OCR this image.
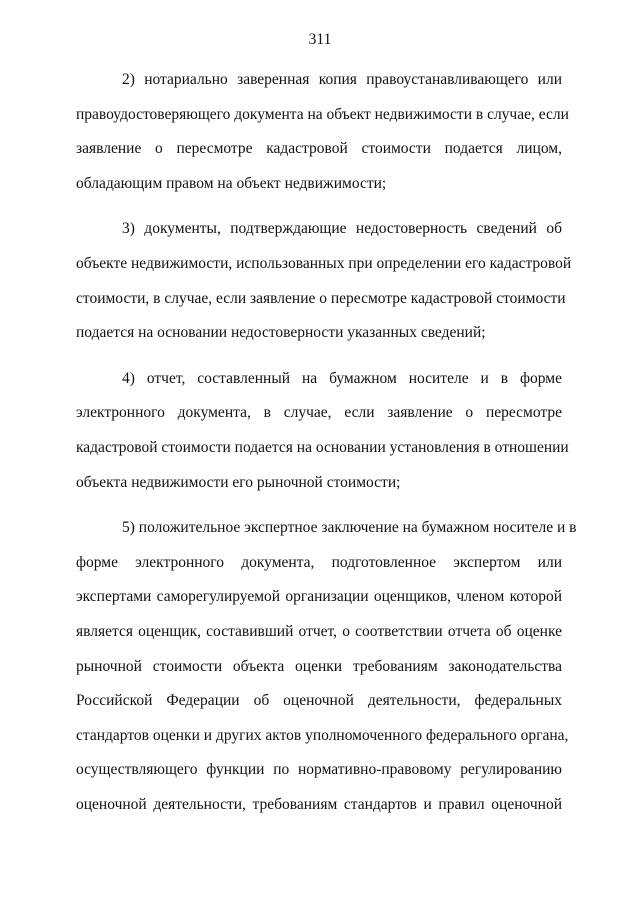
311
2) нотариально заверенная копия правоустанавливающего или
правоудостоверяющего документа на объект недвижимости в случае, если
заявление о пересмотре кадастровой стоимости подается лицом,
обладающим правом на объект недвижимости;
3) документы, подтверждающие недостоверность сведений об
объекте недвижимости, использованных при определении его кадастровой
стоимости, в случае, если заявление о пересмотре кадастровой стоимости
подается на основании недостоверности указанных сведений;
4) отчет, составленный на бумажном носителе и в форме
электронного документа, в случае, если заявление о пересмотре
кадастровой стоимости подается на основании установления в отношении
объекта недвижимости его рыночной стоимости;
5) положительное экспертное заключение на бумажном носителе и в
форме электронного документа, подготовленное экспертом или
экспертами саморегулируемой организации оценщиков, членом которой
является оценщик, составивший отчет, о соответствии отчета об оценке
рыночной стоимости объекта оценки требованиям законодательства
Российской Федерации об оценочной деятельности, федеральных
стандартов оценки и других актов уполномоченного федерального органа,
осуществляющего функции по нормативно-правовому регулированию
оценочной деятельности, требованиям стандартов и правил оценочной
